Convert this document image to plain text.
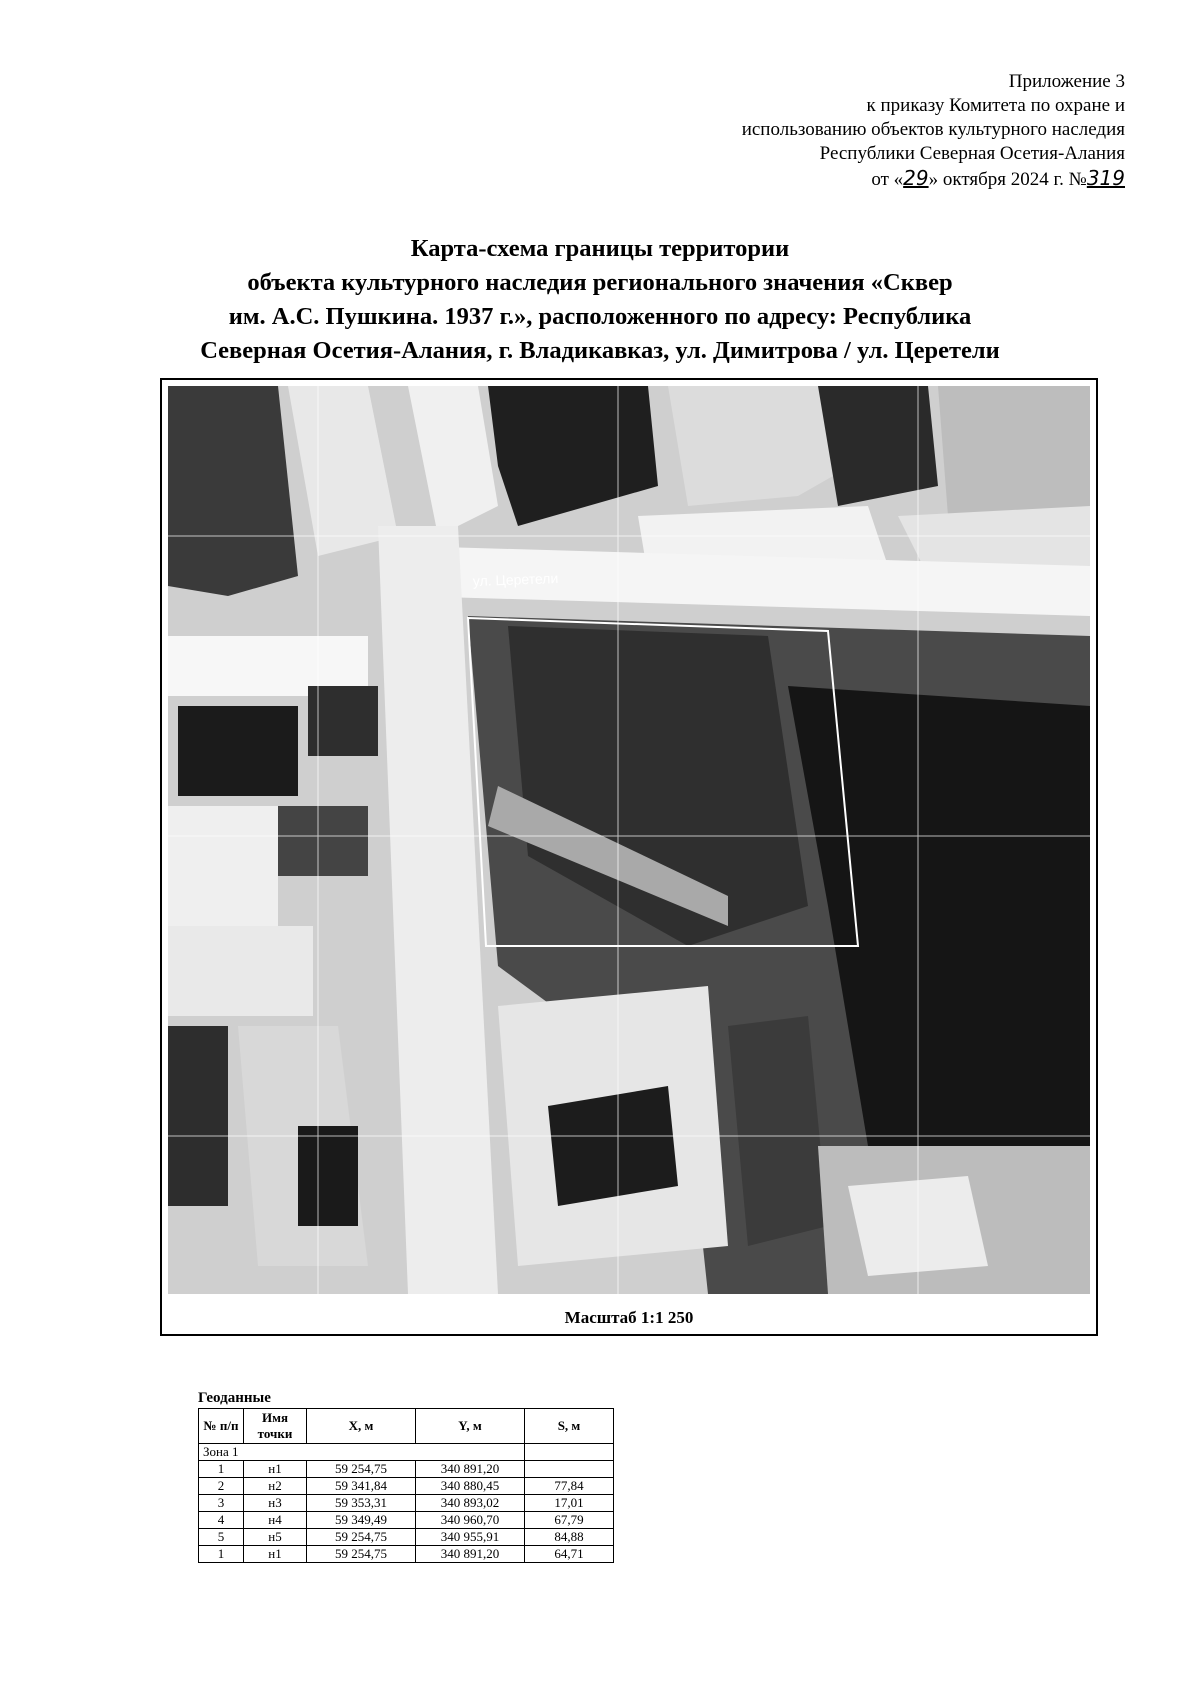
Приложение 3
к приказу Комитета по охране и
использованию объектов культурного наследия
Республики Северная Осетия-Алания
от «29» октября 2024 г. №319
Карта-схема границы территории
объекта культурного наследия регионального значения «Сквер
им. А.С. Пушкина. 1937 г.», расположенного по адресу: Республика
Северная Осетия-Алания, г. Владикавказ, ул. Димитрова / ул. Церетели
ул. Церетели
Масштаб 1:1 250
Геоданные
№ п/п	Имя точки	X, м	Y, м	S, м
Зона 1				
1	н1	59 254,75	340 891,20	
2	н2	59 341,84	340 880,45	77,84
3	н3	59 353,31	340 893,02	17,01
4	н4	59 349,49	340 960,70	67,79
5	н5	59 254,75	340 955,91	84,88
1	н1	59 254,75	340 891,20	64,71
